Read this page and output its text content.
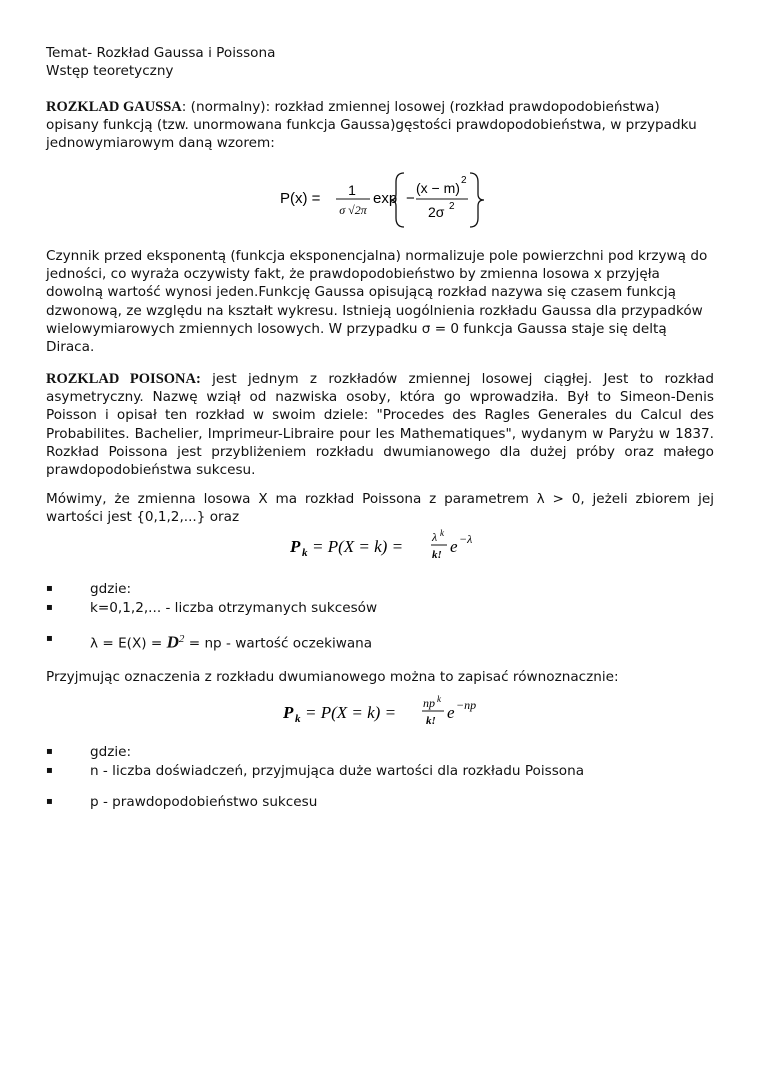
Temat- Rozkład Gaussa i Poissona

Wstęp teoretyczny

ROZKLAD GAUSSA: (normalny): rozkład zmiennej losowej (rozkład prawdopodobieństwa) opisany funkcją (tzw. unormowana funkcja Gaussa)gęstości prawdopodobieństwa, w przypadku jednowymiarowym daną wzorem:

P(x) = 1
σ √2π
exp −
(x − m) 2
2σ 2

Czynnik przed eksponentą (funkcja eksponencjalna) normalizuje pole powierzchni pod krzywą do jedności, co wyraża oczywisty fakt, że prawdopodobieństwo by zmienna losowa x przyjęła dowolną wartość wynosi jeden.Funkcję Gaussa opisującą rozkład nazywa się czasem funkcją dzwonową, ze względu na kształt wykresu. Istnieją uogólnienia rozkładu Gaussa dla przypadków wielowymiarowych zmiennych losowych. W przypadku σ = 0 funkcja Gaussa staje się deltą Diraca.

ROZKLAD POISONA: jest jednym z rozkładów zmiennej losowej ciągłej. Jest to rozkład asymetryczny. Nazwę wziął od nazwiska osoby, która go wprowadziła. Był to Simeon-Denis Poisson i opisał ten rozkład w swoim dziele: "Procedes des Ragles Generales du Calcul des Probabilites. Bachelier, Imprimeur-Libraire pour les Mathematiques", wydanym w Paryżu w 1837. Rozkład Poissona jest przybliżeniem rozkładu dwumianowego dla dużej próby oraz małego prawdopodobieństwa sukcesu.

Mówimy, że zmienna losowa X ma rozkład Poissona z parametrem λ > 0, jeżeli zbiorem jej wartości jest {0,1,2,...} oraz

P k = P(X = k) = λ k
k! e −λ
▪	gdzie:
▪	k=0,1,2,... - liczba otrzymanych sukcesów
▪	$\lambda = E(X) = D^2$ = np - wartość oczekiwana

Przyjmując oznaczenia z rozkładu dwumianowego można to zapisać równoznacznie:

P k = P(X = k) = np k
k! e −np
▪	gdzie:
▪	n - liczba doświadczeń, przyjmująca duże wartości dla rozkładu Poissona
▪	p - prawdopodobieństwo sukcesu
